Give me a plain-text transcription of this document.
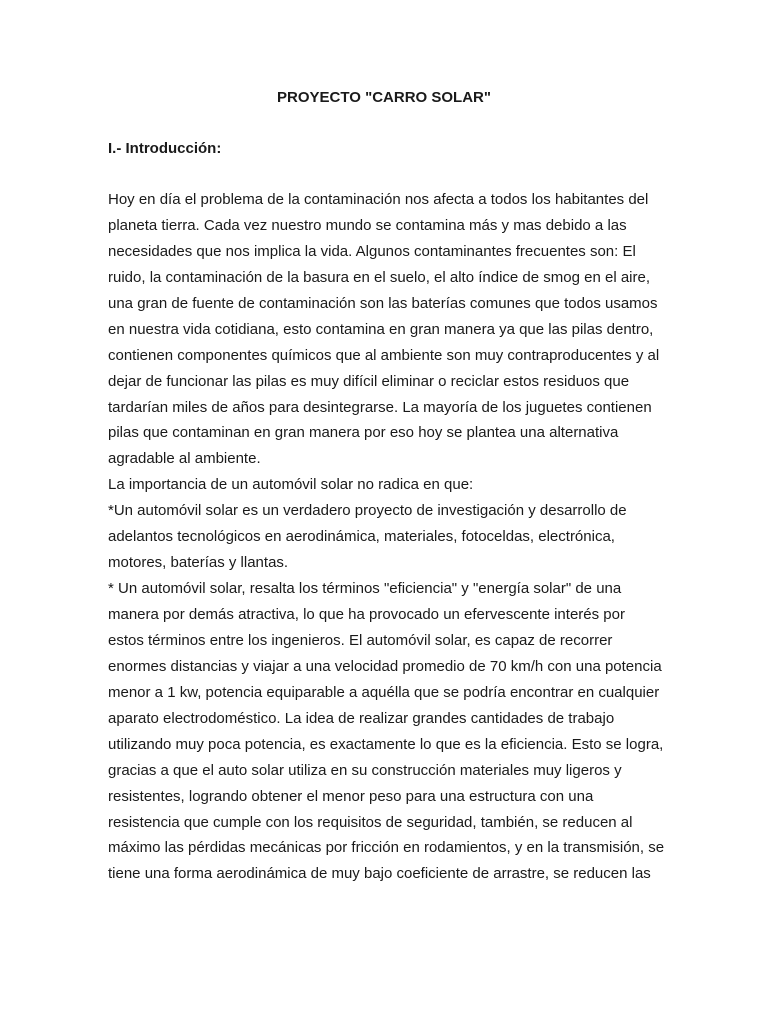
PROYECTO "CARRO SOLAR"
I.- Introducción:
Hoy en día el problema de la contaminación nos afecta a todos los habitantes del
planeta tierra. Cada vez nuestro mundo se contamina más y mas debido a las
necesidades que nos implica la vida. Algunos contaminantes frecuentes son: El
ruido, la contaminación de la basura en el suelo, el alto índice de smog en el aire,
una gran de fuente de contaminación son las baterías comunes que todos usamos
en nuestra vida cotidiana, esto contamina en gran manera ya que las pilas dentro,
contienen componentes químicos que al ambiente son muy contraproducentes y al
dejar de funcionar las pilas es muy difícil eliminar o reciclar estos residuos que
tardarían miles de años para desintegrarse. La mayoría de los juguetes contienen
pilas que contaminan en gran manera por eso hoy se plantea una alternativa
agradable al ambiente.
La importancia de un automóvil solar no radica en que:
*Un automóvil solar es un verdadero proyecto de investigación y desarrollo de
adelantos tecnológicos en aerodinámica, materiales, fotoceldas, electrónica,
motores, baterías y llantas.
* Un automóvil solar, resalta los términos "eficiencia" y "energía solar" de una
manera por demás atractiva, lo que ha provocado un efervescente interés por
estos términos entre los ingenieros. El automóvil solar, es capaz de recorrer
enormes distancias y viajar a una velocidad promedio de 70 km/h con una potencia
menor a 1 kw, potencia equiparable a aquélla que se podría encontrar en cualquier
aparato electrodoméstico. La idea de realizar grandes cantidades de trabajo
utilizando muy poca potencia, es exactamente lo que es la eficiencia. Esto se logra,
gracias a que el auto solar utiliza en su construcción materiales muy ligeros y
resistentes, logrando obtener el menor peso para una estructura con una
resistencia que cumple con los requisitos de seguridad, también, se reducen al
máximo las pérdidas mecánicas por fricción en rodamientos, y en la transmisión, se
tiene una forma aerodinámica de muy bajo coeficiente de arrastre, se reducen las
